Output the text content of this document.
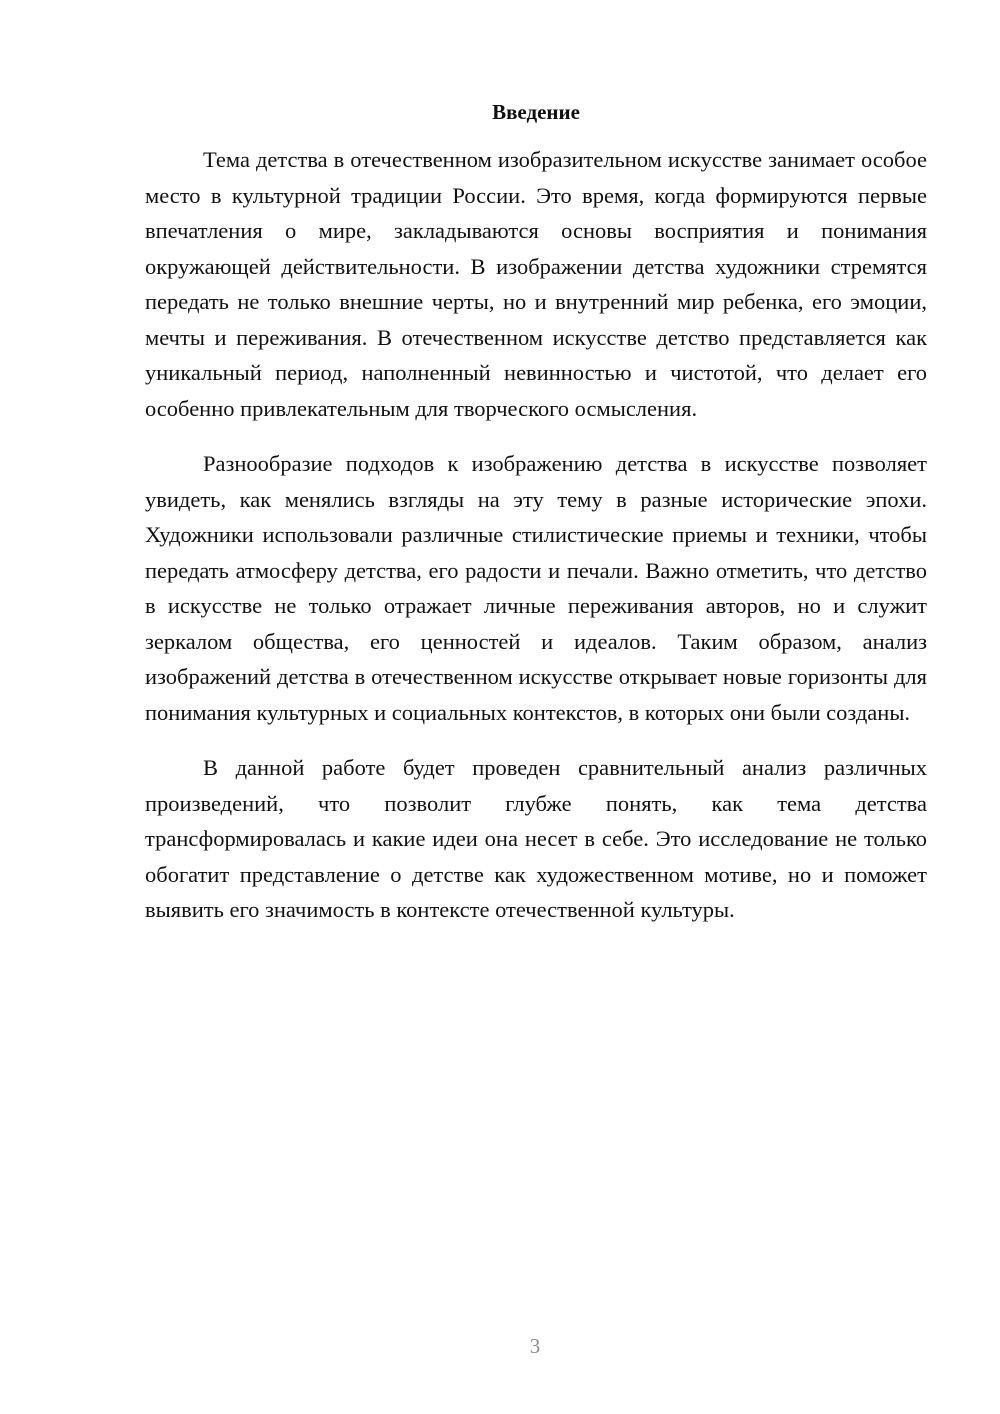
Введение

Тема детства в отечественном изобразительном искусстве занимает особое место в культурной традиции России. Это время, когда формируются первые впечатления о мире, закладываются основы восприятия и понимания окружающей действительности. В изображении детства художники стремятся передать не только внешние черты, но и внутренний мир ребенка, его эмоции, мечты и переживания. В отечественном искусстве детство представляется как уникальный период, наполненный невинностью и чистотой, что делает его особенно привлекательным для творческого осмысления.

Разнообразие подходов к изображению детства в искусстве позволяет увидеть, как менялись взгляды на эту тему в разные исторические эпохи. Художники использовали различные стилистические приемы и техники, чтобы передать атмосферу детства, его радости и печали. Важно отметить, что детство в искусстве не только отражает личные переживания авторов, но и служит зеркалом общества, его ценностей и идеалов. Таким образом, анализ изображений детства в отечественном искусстве открывает новые горизонты для понимания культурных и социальных контекстов, в которых они были созданы.

В данной работе будет проведен сравнительный анализ различных произведений, что позволит глубже понять, как тема детства трансформировалась и какие идеи она несет в себе. Это исследование не только обогатит представление о детстве как художественном мотиве, но и поможет выявить его значимость в контексте отечественной культуры.

3
